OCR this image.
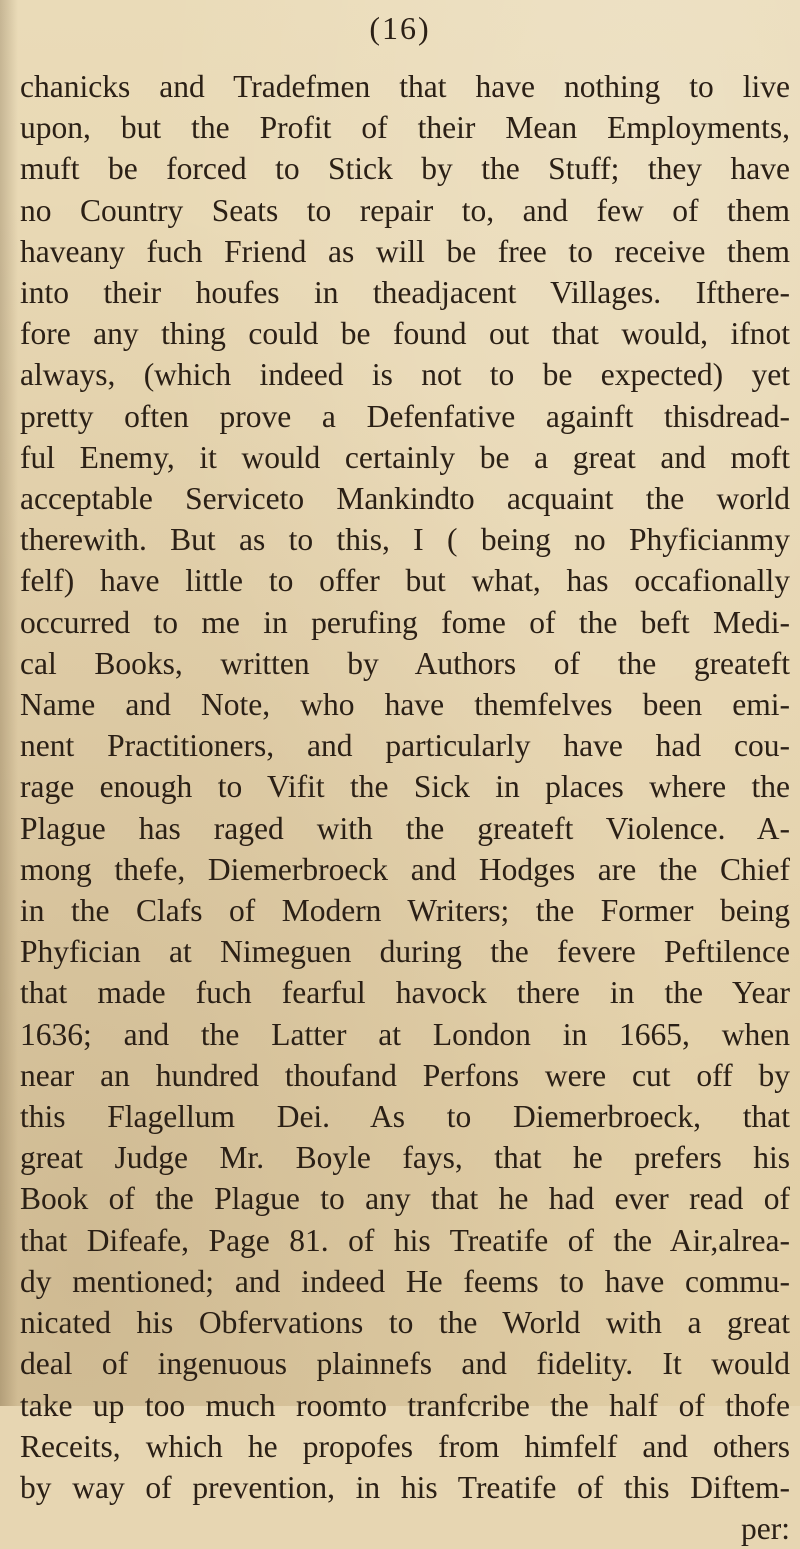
(16)
chanicks and Tradefmen that have nothing to live
upon, but the Profit of their Mean Employments,
muft be forced to Stick by the Stuff; they have
no Country Seats to repair to, and few of them
haveany fuch Friend as will be free to receive them
into their houfes in theadjacent Villages. Ifthere-
fore any thing could be found out that would, ifnot
always, (which indeed is not to be expected) yet
pretty often prove a Defenfative againft thisdread-
ful Enemy, it would certainly be a great and moft
acceptable Serviceto Mankindto acquaint the world
therewith. But as to this, I ( being no Phyficianmy
felf) have little to offer but what, has occafionally
occurred to me in perufing fome of the beft Medi-
cal Books, written by Authors of the greateft
Name and Note, who have themfelves been emi-
nent Practitioners, and particularly have had cou-
rage enough to Vifit the Sick in places where the
Plague has raged with the greateft Violence. A-
mong thefe, Diemerbroeck and Hodges are the Chief
in the Clafs of Modern Writers; the Former being
Phyfician at Nimeguen during the fevere Peftilence
that made fuch fearful havock there in the Year
1636; and the Latter at London in 1665, when
near an hundred thoufand Perfons were cut off by
this Flagellum Dei. As to Diemerbroeck, that
great Judge Mr. Boyle fays, that he prefers his
Book of the Plague to any that he had ever read of
that Difeafe, Page 81. of his Treatife of the Air,alrea-
dy mentioned; and indeed He feems to have commu-
nicated his Obfervations to the World with a great
deal of ingenuous plainnefs and fidelity. It would
take up too much roomto tranfcribe the half of thofe
Receits, which he propofes from himfelf and others
by way of prevention, in his Treatife of this Diftem-
per:
